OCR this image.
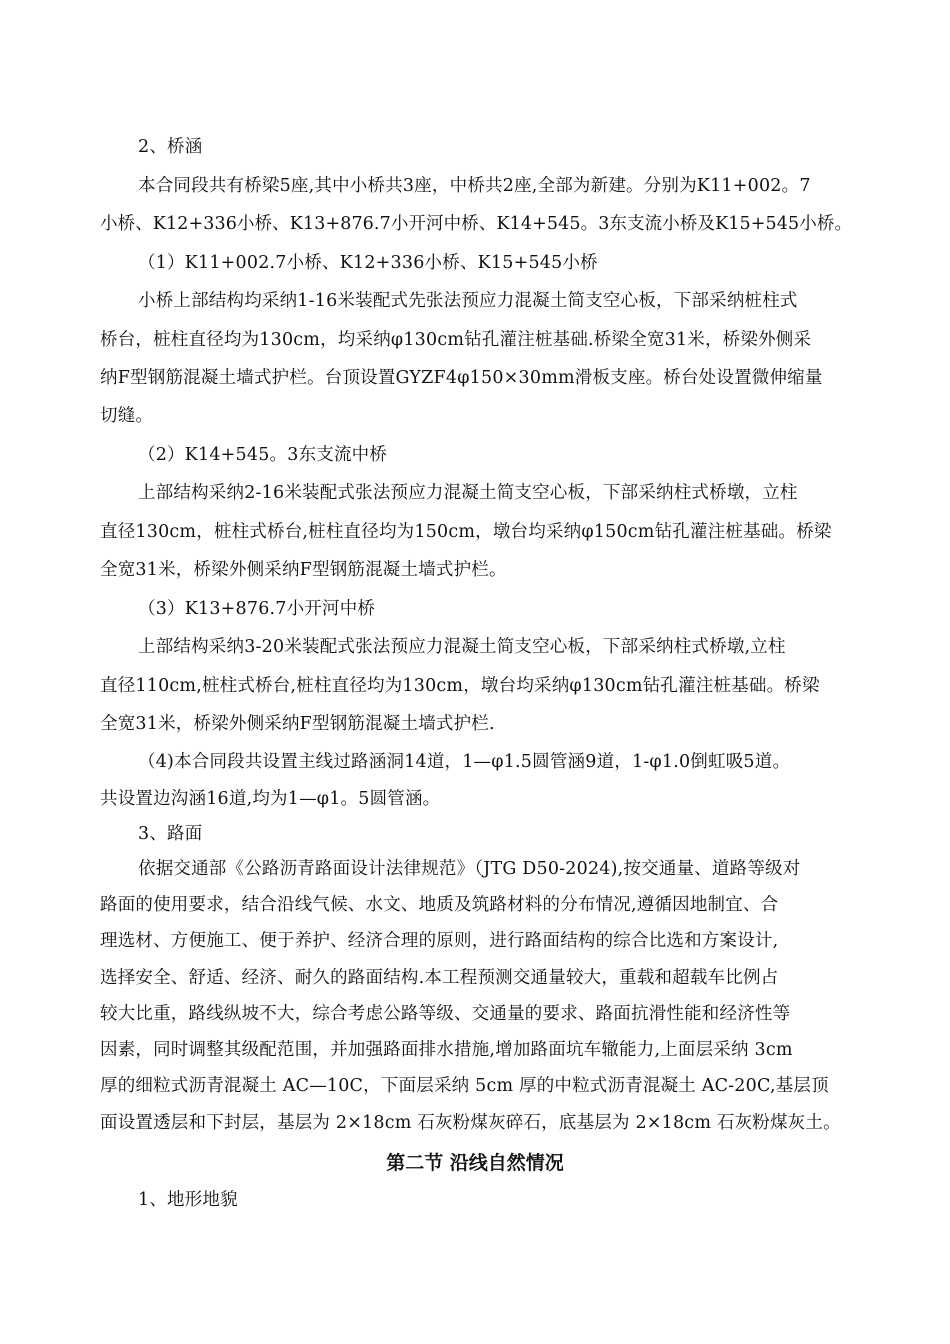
2、桥涵
本合同段共有桥梁5座,其中小桥共3座，中桥共2座,全部为新建。分别为K11+002。7
小桥、K12+336小桥、K13+876.7小开河中桥、K14+545。3东支流小桥及K15+545小桥。
（1）K11+002.7小桥、K12+336小桥、K15+545小桥
小桥上部结构均采纳1-16米装配式先张法预应力混凝土简支空心板，下部采纳桩柱式
桥台，桩柱直径均为130cm，均采纳φ130cm钻孔灌注桩基础.桥梁全宽31米，桥梁外侧采
纳F型钢筋混凝土墙式护栏。台顶设置GYZF4φ150×30mm滑板支座。桥台处设置微伸缩量
切缝。
（2）K14+545。3东支流中桥
上部结构采纳2-16米装配式张法预应力混凝土简支空心板，下部采纳柱式桥墩，立柱
直径130cm，桩柱式桥台,桩柱直径均为150cm，墩台均采纳φ150cm钻孔灌注桩基础。桥梁
全宽31米，桥梁外侧采纳F型钢筋混凝土墙式护栏。
（3）K13+876.7小开河中桥
上部结构采纳3-20米装配式张法预应力混凝土简支空心板，下部采纳柱式桥墩,立柱
直径110cm,桩柱式桥台,桩柱直径均为130cm，墩台均采纳φ130cm钻孔灌注桩基础。桥梁
全宽31米，桥梁外侧采纳F型钢筋混凝土墙式护栏.
（4)本合同段共设置主线过路涵洞14道，1—φ1.5圆管涵9道，1-φ1.0倒虹吸5道。
共设置边沟涵16道,均为1—φ1。5圆管涵。
3、路面
依据交通部《公路沥青路面设计法律规范》（JTG D50-2024),按交通量、道路等级对
路面的使用要求，结合沿线气候、水文、地质及筑路材料的分布情况,遵循因地制宜、合
理选材、方便施工、便于养护、经济合理的原则，进行路面结构的综合比选和方案设计,
选择安全、舒适、经济、耐久的路面结构.本工程预测交通量较大，重载和超载车比例占
较大比重，路线纵坡不大，综合考虑公路等级、交通量的要求、路面抗滑性能和经济性等
因素，同时调整其级配范围，并加强路面排水措施,增加路面坑车辙能力,上面层采纳 3cm
厚的细粒式沥青混凝土 AC—10C，下面层采纳 5cm 厚的中粒式沥青混凝土 AC-20C,基层顶
面设置透层和下封层，基层为 2×18cm 石灰粉煤灰碎石，底基层为 2×18cm 石灰粉煤灰土。
第二节 沿线自然情况
1、地形地貌
